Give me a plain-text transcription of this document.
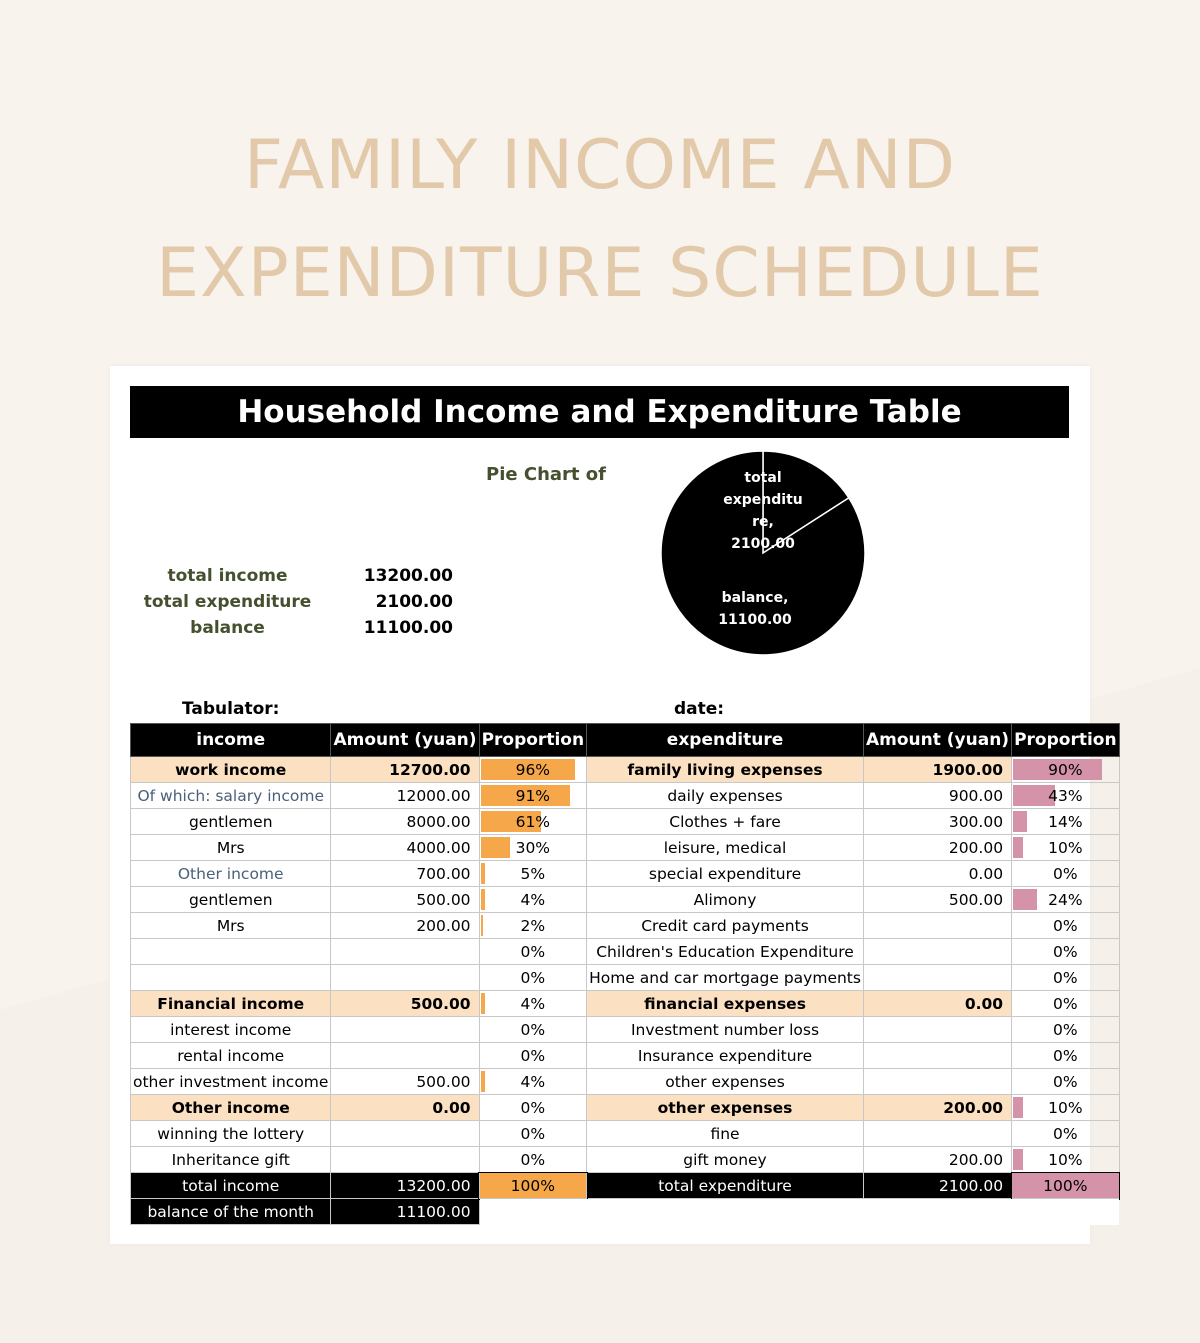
FAMILY INCOME AND
EXPENDITURE SCHEDULE
Household Income and Expenditure Table
total income	13200.00
total expenditure	2100.00
balance	11100.00
Pie Chart of	total expenditu re, 2100.00
balance, 11100.00
Tabulator:	date:
income	Amount (yuan)	Proportion	expenditure	Amount (yuan)	Proportion
work income	12700.00	96%	family living expenses	1900.00	90%

Of which: salary income	12000.00	91%	daily expenses	900.00	43%

gentlemen	8000.00	61%	Clothes + fare	300.00	14%

Mrs	4000.00	30%	leisure, medical	200.00	10%

Other income	700.00	5%	special expenditure	0.00	0%

gentlemen	500.00	4%	Alimony	500.00	24%

Mrs	200.00	2%	Credit card payments		0%

		0%	Children's Education Expenditure		0%

		0%	Home and car mortgage payments		0%

Financial income	500.00	4%	financial expenses	0.00	0%

interest income		0%	Investment number loss		0%

rental income		0%	Insurance expenditure		0%

other investment income	500.00	4%	other expenses		0%

Other income	0.00	0%	other expenses	200.00	10%

winning the lottery		0%	fine		0%

Inheritance gift		0%	gift money	200.00	10%

total income	13200.00	100%	total expenditure	2100.00	100%
balance of the month	11100.00				
